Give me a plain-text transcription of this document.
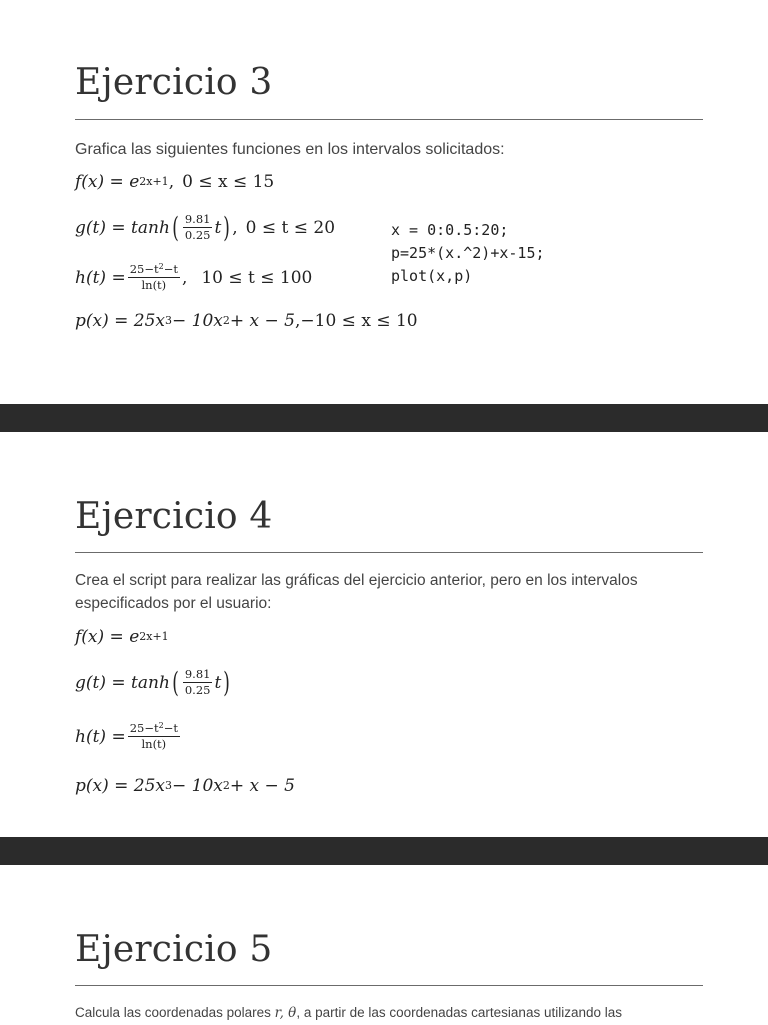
Ejercicio 3
Grafica las siguientes funciones en los intervalos solicitados:
f(x) = e 2x+1 , 0 ≤ x ≤ 15
g(t) = tanh ( $\frac{9.81}{0.25}$ t ) , 0 ≤ t ≤ 20
$h(t) = \frac{25-t^2-t}{\ln(t)}$ , 10 ≤ t ≤ 100
p(x) = 25x 3 − 10x 2 + x − 5 ,−10 ≤ x ≤ 10
x = 0:0.5:20;
p=25*(x.^2)+x-15;
plot(x,p)
Ejercicio 4
Crea el script para realizar las gráficas del ejercicio anterior, pero en los intervalos especificados por el usuario:
f(x) = e 2x+1
g(t) = tanh ( $\frac{9.81}{0.25}$ t )
$h(t) = \frac{25-t^2-t}{\ln(t)}$
p(x) = 25x 3 − 10x 2 + x − 5
Ejercicio 5
Calcula las coordenadas polares r, θ, a partir de las coordenadas cartesianas utilizando las
